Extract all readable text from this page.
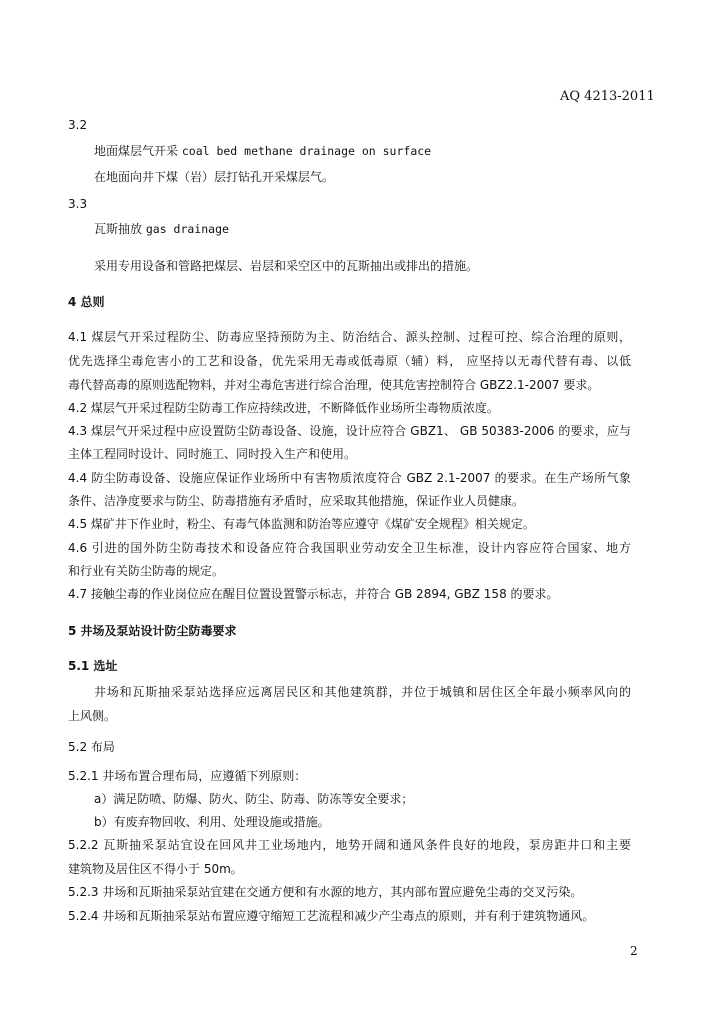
AQ 4213-2011
3.2
地面煤层气开采 coal bed methane drainage on surface
在地面向井下煤（岩）层打钻孔开采煤层气。
3.3
瓦斯抽放 gas drainage
采用专用设备和管路把煤层、岩层和采空区中的瓦斯抽出或排出的措施。
4 总则
4.1 煤层气开采过程防尘、防毒应坚持预防为主、防治结合、源头控制、过程可控、综合治理的原则，
优先选择尘毒危害小的工艺和设备，优先采用无毒或低毒原（辅）料， 应坚持以无毒代替有毒、以低
毒代替高毒的原则选配物料，并对尘毒危害进行综合治理，使其危害控制符合 GBZ2.1-2007 要求。
4.2 煤层气开采过程防尘防毒工作应持续改进，不断降低作业场所尘毒物质浓度。
4.3 煤层气开采过程中应设置防尘防毒设备、设施，设计应符合 GBZ1、 GB 50383-2006 的要求，应与
主体工程同时设计、同时施工、同时投入生产和使用。
4.4 防尘防毒设备、设施应保证作业场所中有害物质浓度符合 GBZ 2.1-2007 的要求。在生产场所气象
条件、洁净度要求与防尘、防毒措施有矛盾时，应采取其他措施，保证作业人员健康。
4.5 煤矿井下作业时，粉尘、有毒气体监测和防治等应遵守《煤矿安全规程》相关规定。
4.6 引进的国外防尘防毒技术和设备应符合我国职业劳动安全卫生标准，设计内容应符合国家、地方
和行业有关防尘防毒的规定。
4.7 接触尘毒的作业岗位应在醒目位置设置警示标志，并符合 GB 2894, GBZ 158 的要求。
5 井场及泵站设计防尘防毒要求
5.1 选址
井场和瓦斯抽采泵站选择应远离居民区和其他建筑群，并位于城镇和居住区全年最小频率风向的
上风侧。
5.2 布局
5.2.1 井场布置合理布局，应遵循下列原则：
a）满足防喷、防爆、防火、防尘、防毒、防冻等安全要求；
b）有废弃物回收、利用、处理设施或措施。
5.2.2 瓦斯抽采泵站宜设在回风井工业场地内，地势开阔和通风条件良好的地段，泵房距井口和主要
建筑物及居住区不得小于 50m。
5.2.3 井场和瓦斯抽采泵站宜建在交通方便和有水源的地方，其内部布置应避免尘毒的交叉污染。
5.2.4 井场和瓦斯抽采泵站布置应遵守缩短工艺流程和减少产尘毒点的原则，并有利于建筑物通风。
2
